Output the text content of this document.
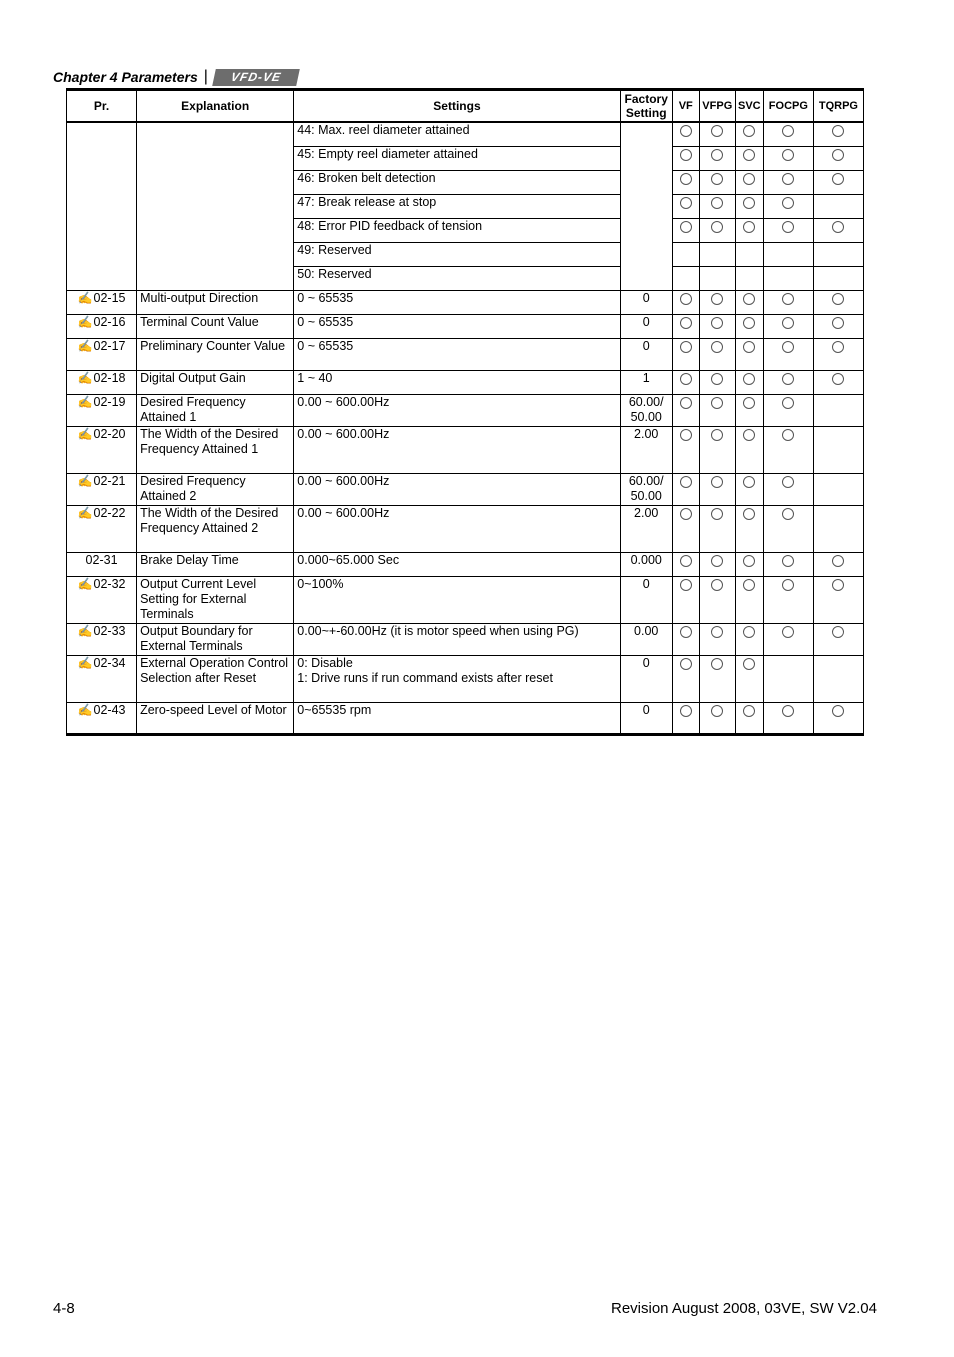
Chapter 4 Parameters |	VFD-VE
Pr.	Explanation	Settings	Factory Setting	VF	VFPG	SVC	FOCPG	TQRPG
		44: Max. reel diameter attained						
		45: Empty reel diameter attained						
		46: Broken belt detection						
		47: Break release at stop						
		48: Error PID feedback of tension						
		49: Reserved						
		50: Reserved						
✍02-15	Multi-output Direction	0 ~ 65535	0					
✍02-16	Terminal Count Value	0 ~ 65535	0					
✍02-17	Preliminary Counter Value	0 ~ 65535	0					
✍02-18	Digital Output Gain	1 ~ 40	1					
✍02-19	Desired Frequency Attained 1	0.00 ~ 600.00Hz	60.00/ 50.00					
✍02-20	The Width of the Desired Frequency Attained 1	0.00 ~ 600.00Hz	2.00					
✍02-21	Desired Frequency Attained 2	0.00 ~ 600.00Hz	60.00/ 50.00					
✍02-22	The Width of the Desired Frequency Attained 2	0.00 ~ 600.00Hz	2.00					
02-31	Brake Delay Time	0.000~65.000 Sec	0.000					
✍02-32	Output Current Level Setting for External Terminals	0~100%	0					
✍02-33	Output Boundary for External Terminals	0.00~+-60.00Hz (it is motor speed when using PG)	0.00					
✍02-34	External Operation Control Selection after Reset	0: Disable
1: Drive runs if run command exists after reset	0					
✍02-43	Zero-speed Level of Motor	0~65535 rpm	0					
4-8	Revision August 2008, 03VE, SW V2.04
